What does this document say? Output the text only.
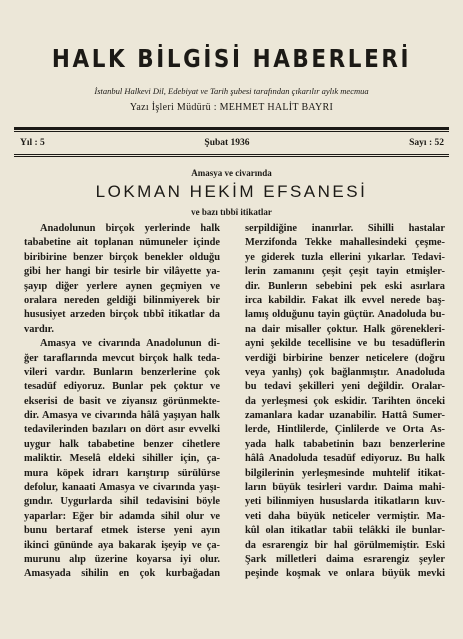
HALK BİLGİSİ HABERLERİ
İstanbul Halkevi Dil, Edebiyat ve Tarih şubesi tarafından çıkarılır aylık mecmua
Yazı İşleri Müdürü : MEHMET HALİT BAYRI
Yıl : 5	Şubat 1936	Sayı : 52
Amasya ve civarında
LOKMAN HEKİM EFSANESİ
ve bazı tıbbî itikatlar
Anadolunun birçok yerlerinde halk
tababetine ait toplanan nümuneler içinde
biribirine benzer birçok benekler olduğu
gibi her hangi bir tesirle bir vilâyette ya-
şayıp diğer yerlere aynen geçmiyen ve
oralara nereden geldiği bilinmiyerek bir
hususiyet arzeden birçok tıbbî itikatlar da
vardır.
Amasya ve civarında Anadolunun di-
ğer taraflarında mevcut birçok halk teda-
vileri vardır. Bunların benzerlerine çok
tesadüf ediyoruz. Bunlar pek çoktur ve
ekserisi de basit ve ziyansız görünmekte-
dir. Amasya ve civarında hâlâ yaşıyan halk
tedavilerinden bazıları on dört asır evvelki
uygur halk tababetine benzer cihetlere
maliktir. Meselâ eldeki sihiller için, ça-
mura köpek idrarı karıştırıp sürülürse
defolur, kanaati Amasya ve civarında yaşı-
gındır. Uygurlarda sihil tedavisini böyle
yaparlar: Eğer bir adamda sihil olur ve
bunu bertaraf etmek isterse yeni ayın
ikinci gününde aya bakarak işeyip ve ça-
murunu alıp üzerine koyarsa iyi olur.
Amasyada sihilin en çok kurbağadan
serpildiğine inanırlar. Sihilli hastalar
Merzifonda Tekke mahallesindeki çeşme-
ye giderek tuzla ellerini yıkarlar. Tedavi-
lerin zamanını çeşit çeşit tayin etmişler-
dir. Bunlerın sebebini pek eski asırlara
irca kabildir. Fakat ilk evvel nerede baş-
lamış olduğunu tayin güçtür. Anadoluda bu-
na dair misaller çoktur. Halk görenekleri-
ayni şekilde tecellisine ve bu tesadüflerin
verdiği birbirine benzer neticelere (doğru
veya yanlış) çok bağlanmıştır. Anadoluda
bu tedavi şekilleri yeni değildir. Oralar-
da yerleşmesi çok eskidir. Tarihten önceki
zamanlara kadar uzanabilir. Hattâ Sumer-
lerde, Hintlilerde, Çinlilerde ve Orta As-
yada halk tababetinin bazı benzerlerine
hâlâ Anadoluda tesadüf ediyoruz. Bu halk
bilgilerinin yerleşmesinde muhtelif itikat-
ların büyük tesirleri vardır. Daima mahi-
yeti bilinmiyen hususlarda itikatların kuv-
veti daha büyük neticeler vermiştir. Ma-
kûl olan itikatlar tabii telâkki ile bunlar-
da esrarengiz bir hal görülmemiştir. Eski
Şark milletleri daima esrarengiz şeyler
peşinde koşmak ve onlara büyük mevki
